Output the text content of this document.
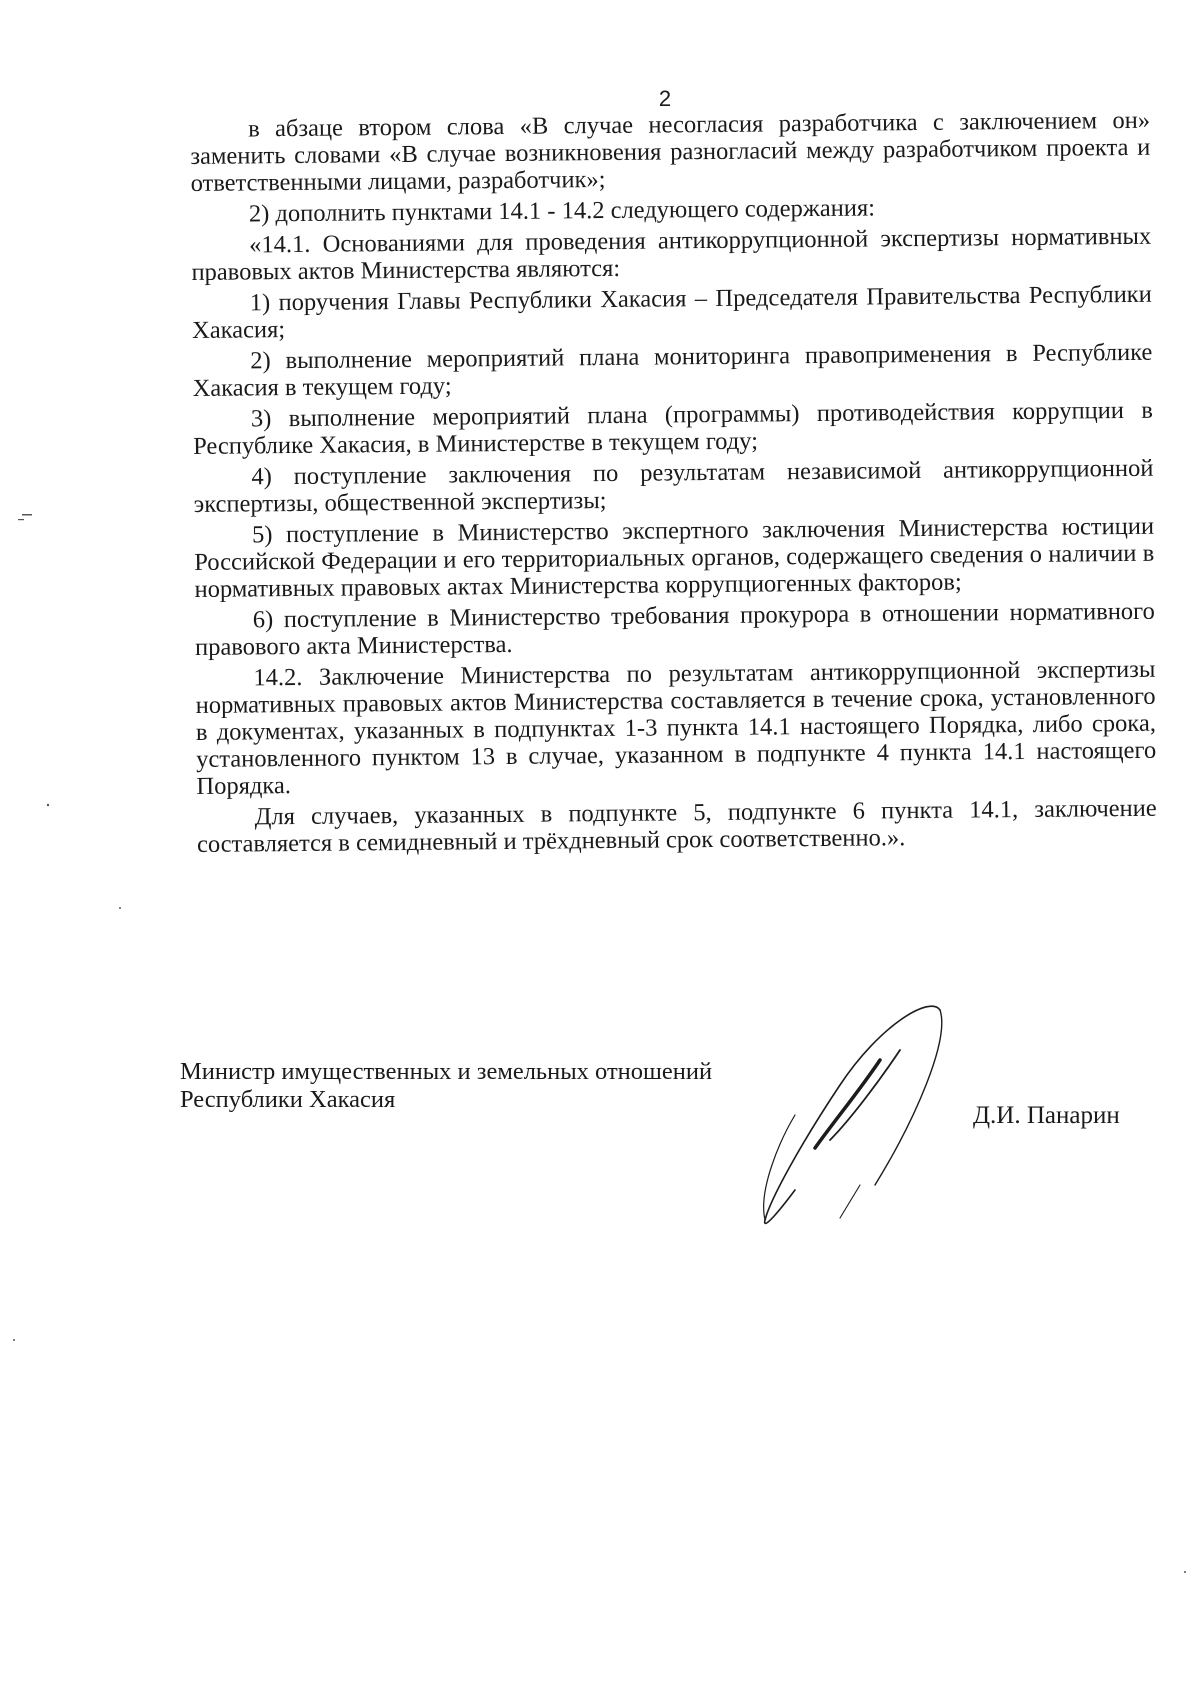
2

в абзаце втором слова «В случае несогласия разработчика с заключением он» заменить словами «В случае возникновения разногласий между разработчиком проекта и ответственными лицами, разработчик»;

2) дополнить пунктами 14.1 - 14.2 следующего содержания:

«14.1. Основаниями для проведения антикоррупционной экспертизы нормативных правовых актов Министерства являются:

1) поручения Главы Республики Хакасия – Председателя Правительства Республики Хакасия;

2) выполнение мероприятий плана мониторинга правоприменения в Республике Хакасия в текущем году;

3) выполнение мероприятий плана (программы) противодействия коррупции в Республике Хакасия, в Министерстве в текущем году;

4) поступление заключения по результатам независимой антикоррупционной экспертизы, общественной экспертизы;

5) поступление в Министерство экспертного заключения Министерства юстиции Российской Федерации и его территориальных органов, содержащего сведения о наличии в нормативных правовых актах Министерства коррупциогенных факторов;

6) поступление в Министерство требования прокурора в отношении нормативного правового акта Министерства.

14.2. Заключение Министерства по результатам антикоррупционной экспертизы нормативных правовых актов Министерства составляется в течение срока, установленного в документах, указанных в подпунктах 1-3 пункта 14.1 настоящего Порядка, либо срока, установленного пунктом 13 в случае, указанном в подпункте 4 пункта 14.1 настоящего Порядка.

Для случаев, указанных в подпункте 5, подпункте 6 пункта 14.1, заключение составляется в семидневный и трёхдневный срок соответственно.».

Министр имущественных и земельных отношений
Республики Хакасия
Д.И. Панарин
